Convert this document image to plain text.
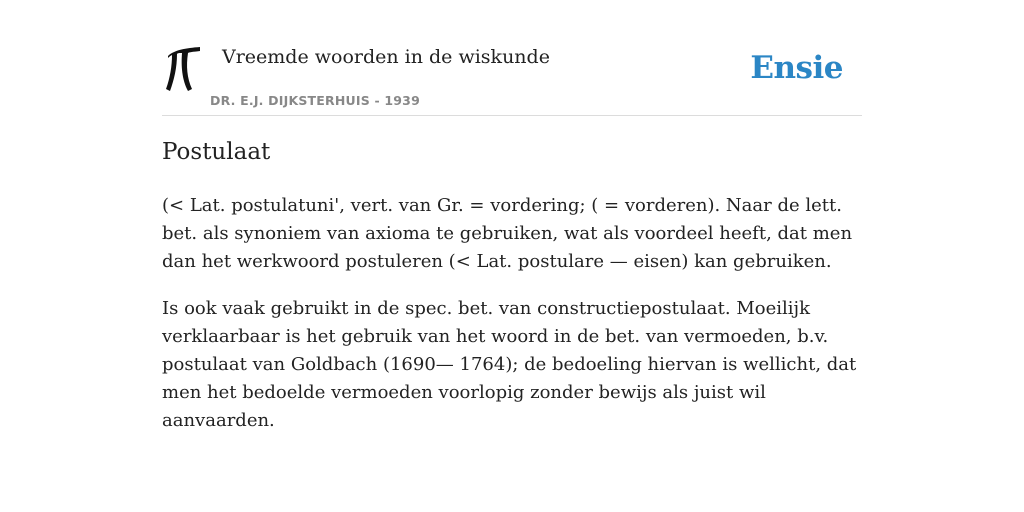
Vreemde woorden in de wiskunde
DR. E.J. DIJKSTERHUIS - 1939
Ensie
Postulaat

(< Lat. postulatuni', vert. van Gr. = vordering; ( = vorderen). Naar de lett. bet. als synoniem van axioma te gebruiken, wat als voordeel heeft, dat men dan het werkwoord postuleren (< Lat. postulare — eisen) kan gebruiken.

Is ook vaak gebruikt in de spec. bet. van constructiepostulaat. Moeilijk verklaarbaar is het gebruik van het woord in de bet. van vermoeden, b.v. postulaat van Goldbach (1690— 1764); de bedoeling hiervan is wellicht, dat men het bedoelde vermoeden voorlopig zonder bewijs als juist wil aanvaarden.
